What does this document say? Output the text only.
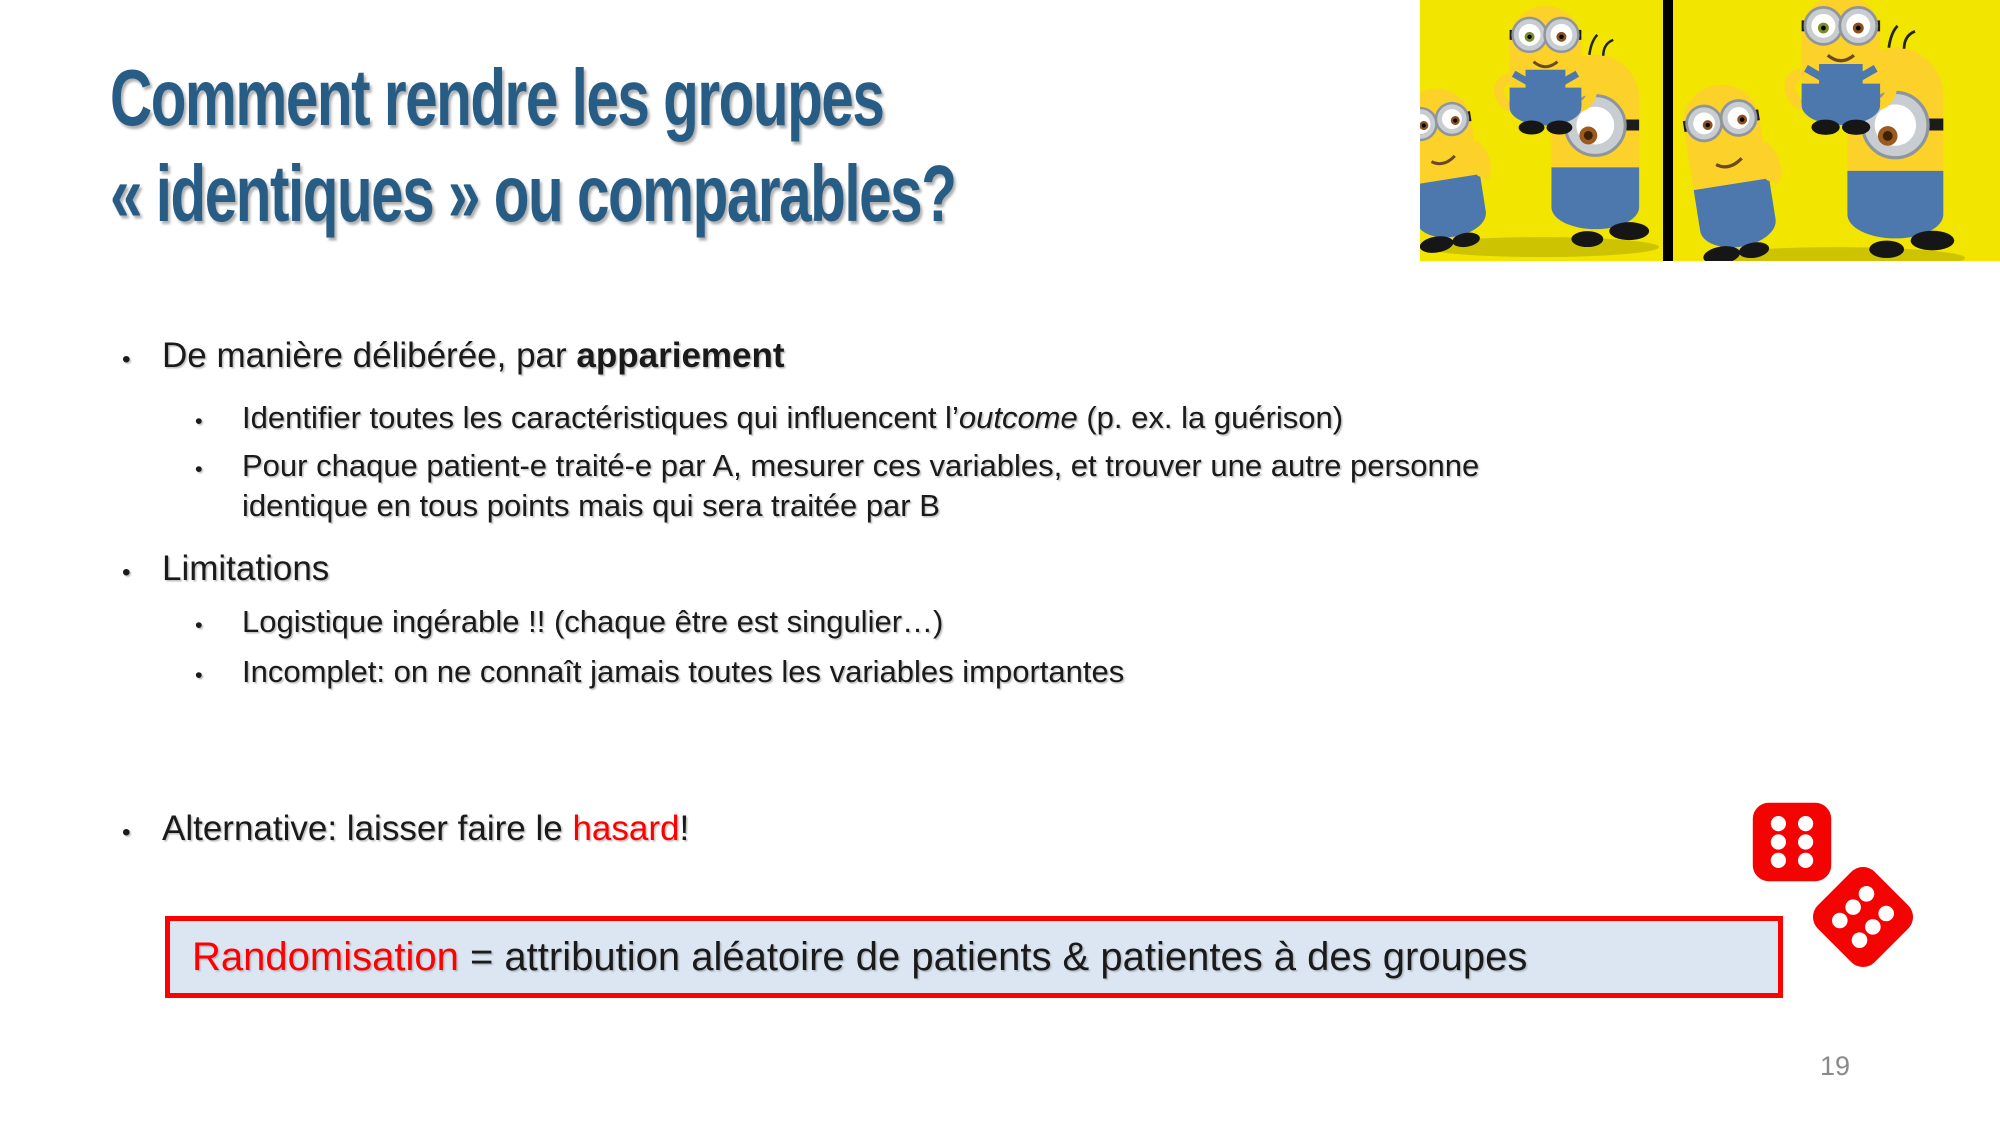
Comment rendre les groupes
« identiques » ou comparables?
• De manière délibérée, par appariement
• Identifier toutes les caractéristiques qui influencent l’outcome (p. ex. la guérison)
• Pour chaque patient-e traité-e par A, mesurer ces variables, et trouver une autre personne
identique en tous points mais qui sera traitée par B
• Limitations
• Logistique ingérable !! (chaque être est singulier…)
• Incomplet: on ne connaît jamais toutes les variables importantes
• Alternative: laisser faire le hasard!
Randomisation = attribution aléatoire de patients & patientes à des groupes
19
